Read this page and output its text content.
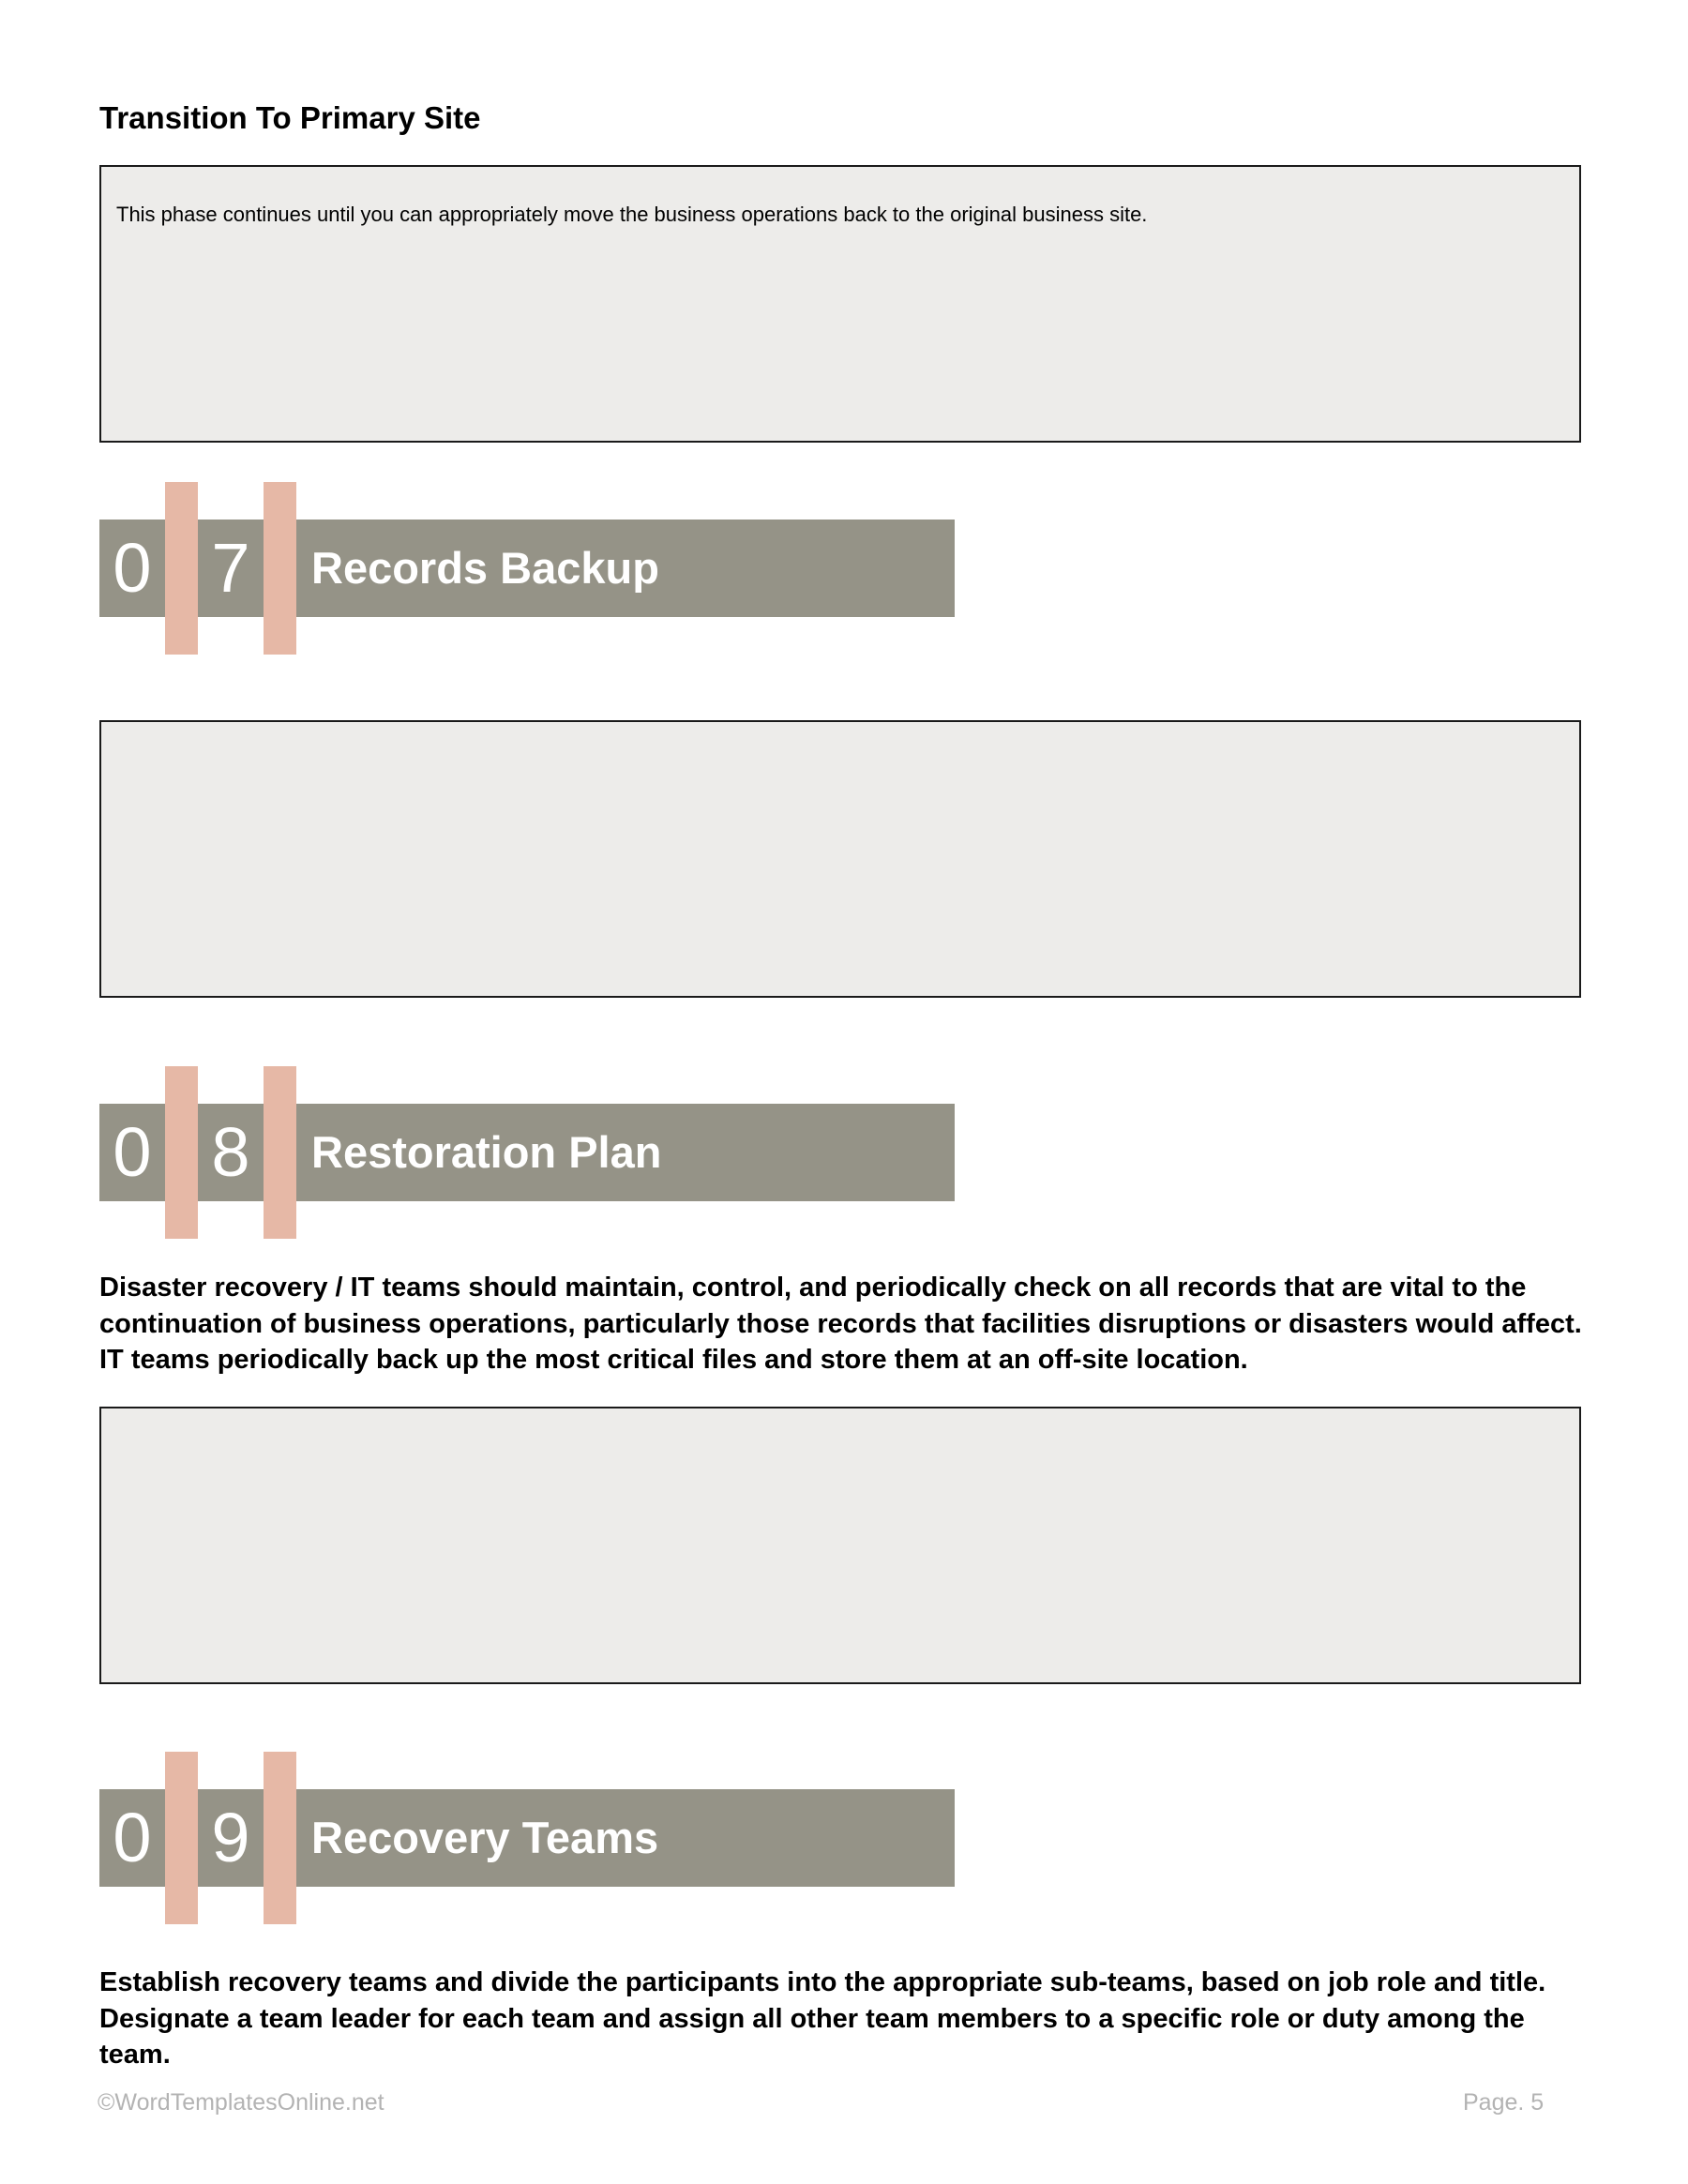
Transition To Primary Site
This phase continues until you can appropriately move the business operations back to the original business site.
0 7	Records Backup
0 8	Restoration Plan
Disaster recovery / IT teams should maintain, control, and periodically check on all records that are vital to the continuation of business operations, particularly those records that facilities disruptions or disasters would affect. IT teams periodically back up the most critical files and store them at an off-site location.
0 9	Recovery Teams
Establish recovery teams and divide the participants into the appropriate sub-teams, based on job role and title. Designate a team leader for each team and assign all other team members to a specific role or duty among the team.
©WordTemplatesOnline.net	Page. 5
